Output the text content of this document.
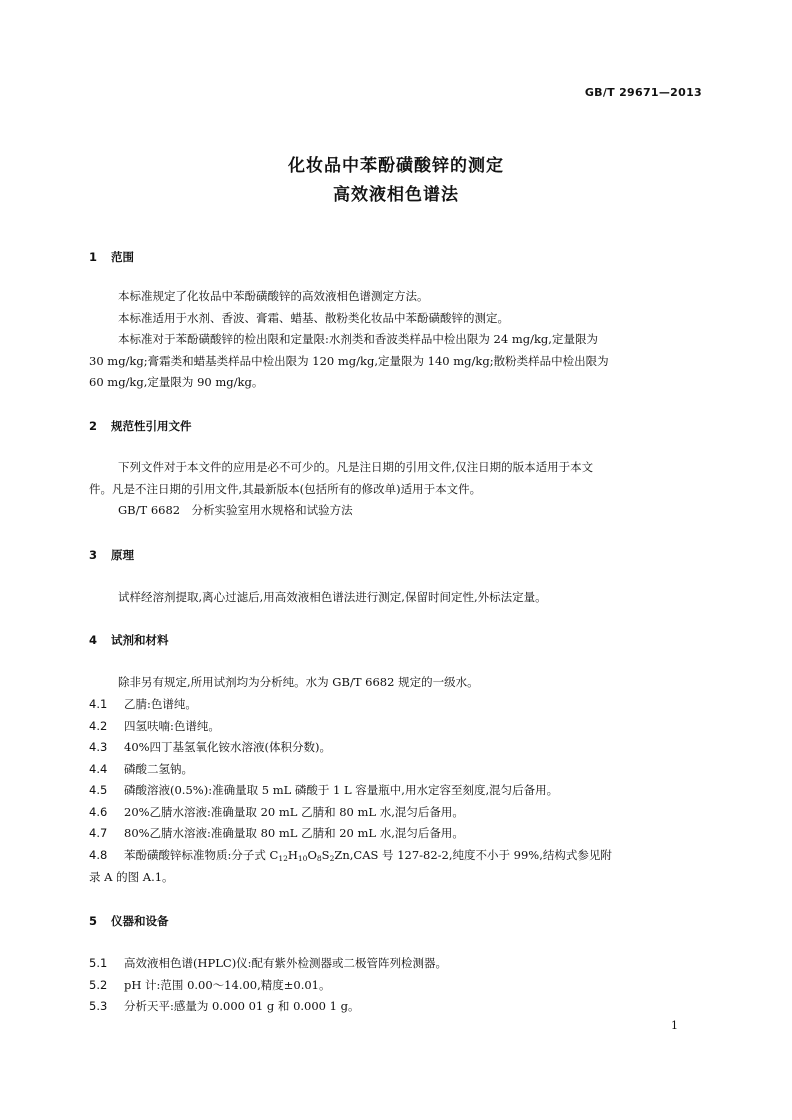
GB/T 29671—2013
化妆品中苯酚磺酸锌的测定
高效液相色谱法
1 范围
本标准规定了化妆品中苯酚磺酸锌的高效液相色谱测定方法。
本标准适用于水剂、香波、膏霜、蜡基、散粉类化妆品中苯酚磺酸锌的测定。
本标准对于苯酚磺酸锌的检出限和定量限:水剂类和香波类样品中检出限为 24 mg/kg,定量限为
30 mg/kg;膏霜类和蜡基类样品中检出限为 120 mg/kg,定量限为 140 mg/kg;散粉类样品中检出限为
60 mg/kg,定量限为 90 mg/kg。
2 规范性引用文件
下列文件对于本文件的应用是必不可少的。凡是注日期的引用文件,仅注日期的版本适用于本文
件。凡是不注日期的引用文件,其最新版本(包括所有的修改单)适用于本文件。
GB/T 6682　分析实验室用水规格和试验方法
3 原理
试样经溶剂提取,离心过滤后,用高效液相色谱法进行测定,保留时间定性,外标法定量。
4 试剂和材料
除非另有规定,所用试剂均为分析纯。水为 GB/T 6682 规定的一级水。
4.1 乙腈:色谱纯。
4.2 四氢呋喃:色谱纯。
4.3 40%四丁基氢氧化铵水溶液(体积分数)。
4.4 磷酸二氢钠。
4.5 磷酸溶液(0.5%):准确量取 5 mL 磷酸于 1 L 容量瓶中,用水定容至刻度,混匀后备用。
4.6 20%乙腈水溶液:准确量取 20 mL 乙腈和 80 mL 水,混匀后备用。
4.7 80%乙腈水溶液:准确量取 80 mL 乙腈和 20 mL 水,混匀后备用。
4.8 苯酚磺酸锌标准物质:分子式 $C_{12}H_{10}O_8S_2Zn,CAS$ 号 127-82-2,纯度不小于 99%,结构式参见附
录 A 的图 A.1。
5 仪器和设备
5.1 高效液相色谱(HPLC)仪:配有紫外检测器或二极管阵列检测器。
5.2 pH 计:范围 0.00～14.00,精度±0.01。
5.3 分析天平:感量为 0.000 01 g 和 0.000 1 g。
1
